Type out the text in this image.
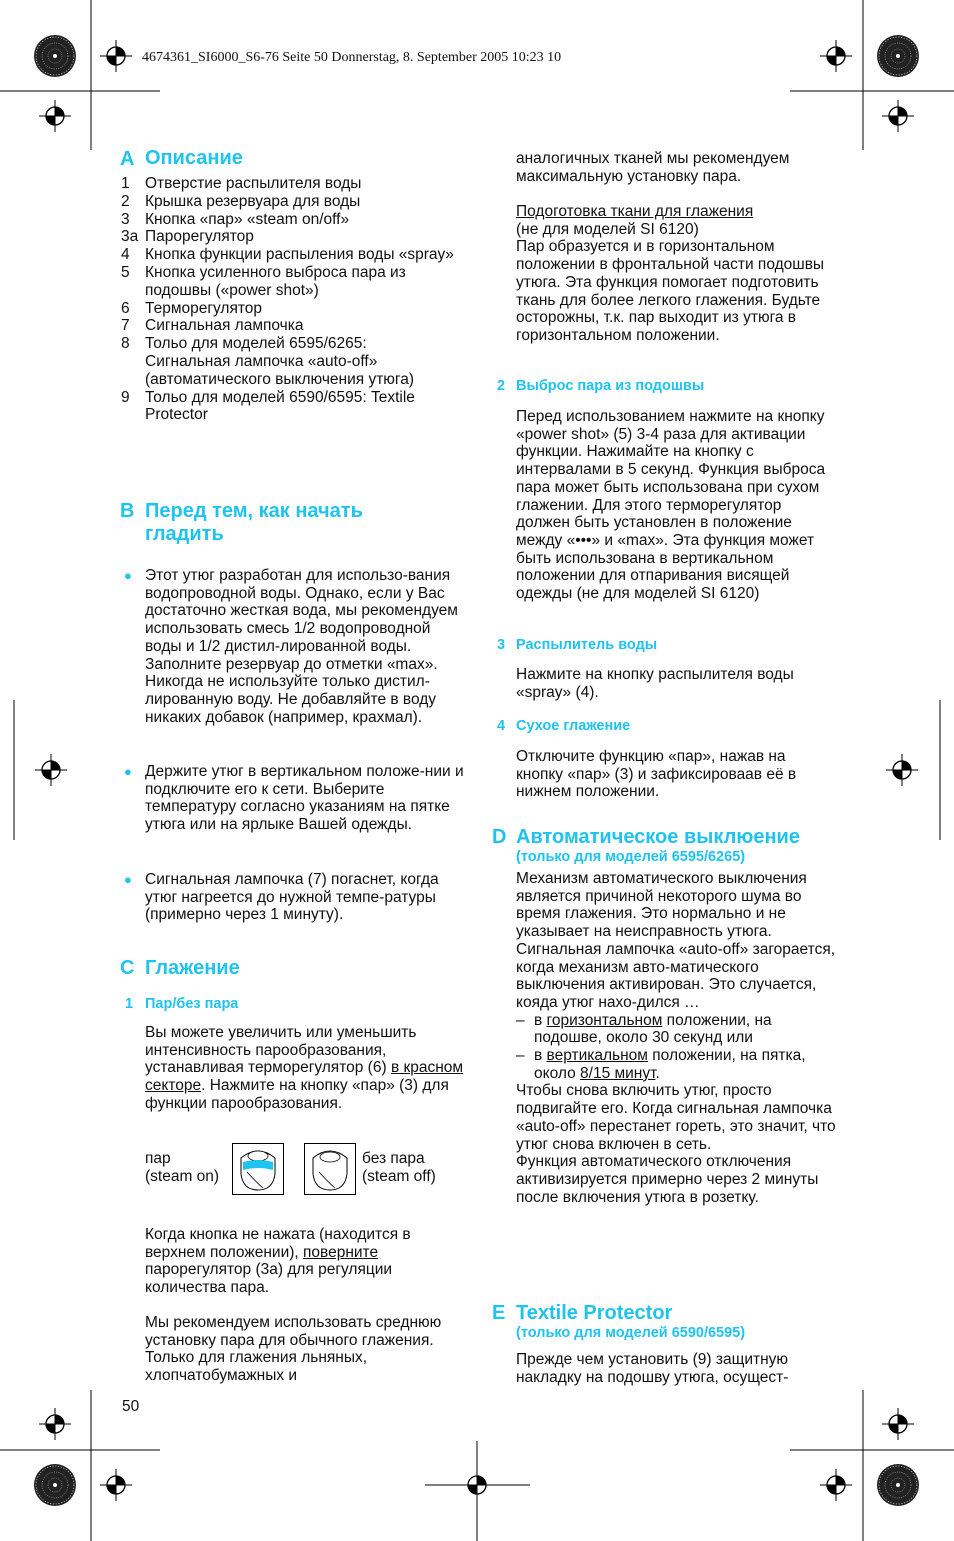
4674361_SI6000_S6-76 Seite 50 Donnerstag, 8. September 2005 10:23 10
A Описание
1 Отверстие распылителя воды
2 Крышка резервуара для воды
3 Кнопка «пар» «steam on/off»
3a Парорегулятор
4 Кнопка функции распыления воды «spray»
5 Кнопка усиленного выброса пара из подошвы («power shot»)
6 Терморегулятор
7 Сигнальная лампочка
8 Тольо для моделей 6595/6265: Сигнальная лампочка «auto-off» (автоматического выключения утюга)
9 Тольо для моделей 6590/6595: Textile Protector
B Перед тем, как начать
гладить
● Этот утюг разработан для использо-вания водопроводной воды. Однако, если у Вас достаточно жесткая вода, мы рекомендуем использовать смесь 1/2 водопроводной воды и 1/2 дистил-лированной воды.
Заполните резервуар до отметки «max». Никогда не используйте только дистил-лированную воду. Не добавляйте в воду никаких добавок (например, крахмал).
● Держите утюг в вертикальном положе-нии и подключите его к сети. Выберите температуру согласно указаниям на пятке утюга или на ярлыке Вашей одежды.
● Сигнальная лампочка (7) погаснет, когда утюг нагреется до нужной темпе-ратуры (примерно через 1 минуту).
C Глажение
1 Пар/без пара
Вы можете увеличить или уменьшить интенсивность парообразования, устанавливая терморегулятор (6) в красном секторе. Нажмите на кнопку «пар» (3) для функции парообразования.
пар
(steam on)
без пара
(steam off)
Когда кнопка не нажата (находится в верхнем положении), поверните парорегулятор (3a) для регуляции количества пара.
Мы рекомендуем использовать среднюю установку пара для обычного глажения. Только для глажения льняных, хлопчатобумажных и
50
аналогичных тканей мы рекомендуем максимальную установку пара.
Подоготовка ткани для глажения
(не для моделей SI 6120)
Пар образуется и в горизонтальном положении в фронтальной части подошвы утюга. Эта функция помогает подготовить ткань для более легкого глажения. Будьте осторожны, т.к. пар выходит из утюга в горизонтальном положении.
2 Выброс пара из подошвы
Перед использованием нажмите на кнопку «power shot» (5) 3-4 раза для активации функции. Нажимайте на кнопку с интервалами в 5 секунд. Функция выброса пара может быть использована при сухом глажении. Для этого терморегулятор должен быть установлен в положение между «•••» и «max». Эта функция может быть использована в вертикальном положении для отпаривания висящей одежды (не для моделей SI 6120)
3 Распылитель воды
Нажмите на кнопку распылителя воды «spray» (4).
4 Сухое глажение
Отключите функцию «пар», нажав на кнопку «пар» (3) и зафиксироваав её в нижнем положении.
D Автоматическое выклюение
(только для моделей 6595/6265)
Механизм автоматического выключения является причиной некоторого шума во время глажения. Это нормально и не указывает на неисправность утюга.
Сигнальная лампочка «auto-off» загорается, когда механизм авто-матического выключения активирован. Это случается, кояда утюг нахо-дился …
– в горизонтальном положении, на подошве, около 30 секунд или
– в вертикальном положении, на пятка, около 8/15 минут.
Чтобы снова включить утюг, просто подвигайте его. Когда сигнальная лампочка «auto-off» перестанет гореть, это значит, что утюг снова включен в сеть.
Функция автоматического отключения активизируется примерно через 2 минуты после включения утюга в розетку.
E Textile Protector
(только для моделей 6590/6595)
Прежде чем установить (9) защитную накладку на подошву утюга, осущест-
